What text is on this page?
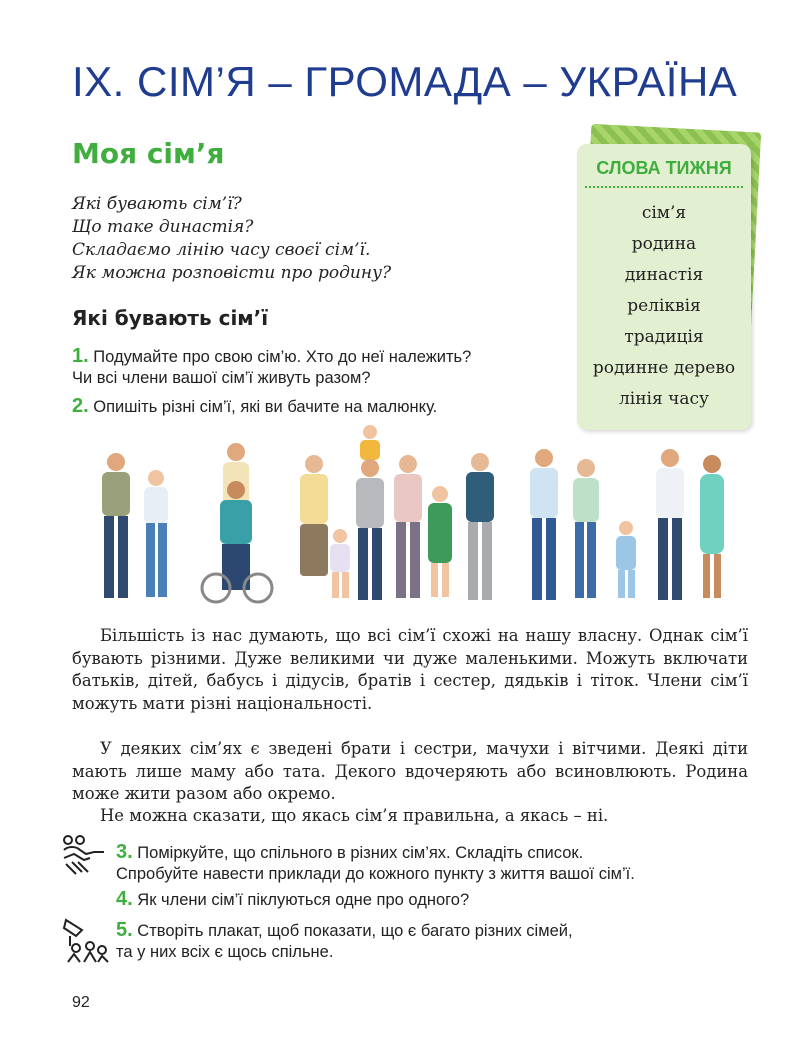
IX. СІМ’Я – ГРОМАДА – УКРАЇНА
Моя сім’я
Які бувають сім’ї?
Що таке династія?
Складаємо лінію часу своєї сім’ї.
Як можна розповісти про родину?
Які бувають сім’ї
1. Подумайте про свою сім’ю. Хто до неї належить?
Чи всі члени вашої сім’ї живуть разом?
2. Опишіть різні сім’ї, які ви бачите на малюнку.
СЛОВА ТИЖНЯ
сім’я
родина
династія
реліквія
традиція
родинне дерево
лінія часу
Більшість із нас думають, що всі сім’ї схожі на нашу власну. Однак сім’ї бувають різними. Дуже великими чи дуже маленькими. Можуть включати батьків, дітей, бабусь і дідусів, братів і сестер, дядьків і тіток. Члени сім’ї можуть мати різні національності.
У деяких сім’ях є зведені брати і сестри, мачухи і вітчими. Деякі діти мають лише маму або тата. Декого вдочеряють або всиновлюють. Родина може жити разом або окремо.
Не можна сказати, що якась сім’я правильна, а якась – ні.
3. Поміркуйте, що спільного в різних сім’ях. Складіть список.
Спробуйте навести приклади до кожного пункту з життя вашої сім’ї.
4. Як члени сім’ї піклуються одне про одного?
5. Створіть плакат, щоб показати, що є багато різних сімей,
та у них всіх є щось спільне.
92
